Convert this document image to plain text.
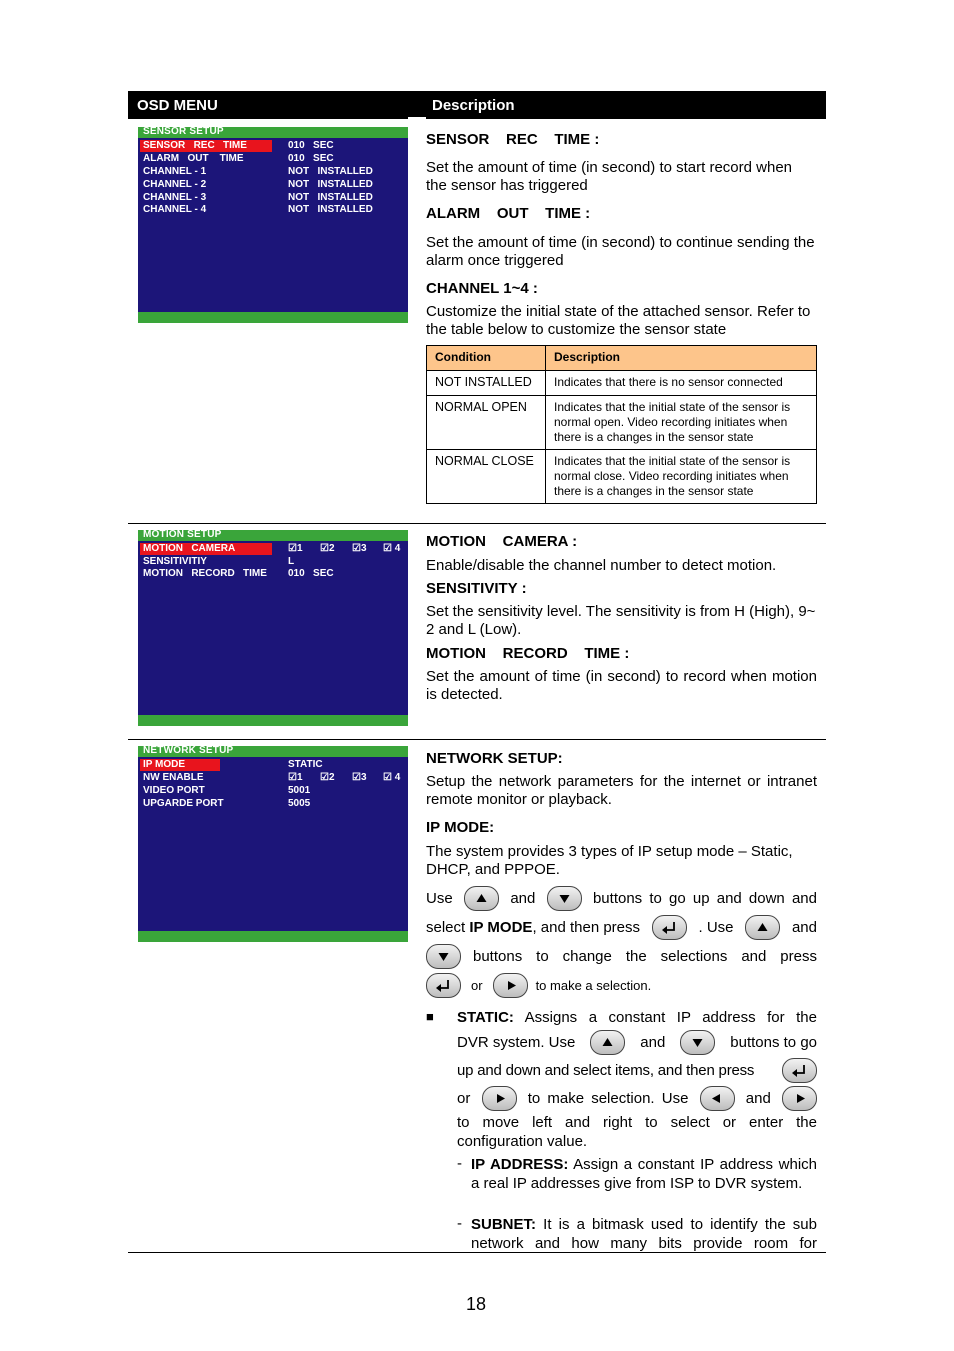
OSD MENU	Description
SENSOR SETUP
SENSOR   REC   TIME	010   SEC
ALARM   OUT    TIME	010   SEC
CHANNEL - 1	NOT   INSTALLED
CHANNEL - 2	NOT   INSTALLED
CHANNEL - 3	NOT   INSTALLED
CHANNEL - 4	NOT   INSTALLED
SENSOR    REC    TIME :
Set the amount of time (in second) to start record when the sensor has triggered
ALARM    OUT    TIME :
Set the amount of time (in second) to continue sending the alarm once triggered
CHANNEL 1~4 :
Customize the initial state of the attached sensor. Refer to the table below to customize the sensor state
Condition	Description
NOT INSTALLED	Indicates that there is no sensor connected
NORMAL OPEN	Indicates that the initial state of the sensor is normal open. Video recording initiates when there is a changes in the sensor state
NORMAL CLOSE	Indicates that the initial state of the sensor is normal close. Video recording initiates when there is a changes in the sensor state
MOTION SETUP
MOTION   CAMERA	☑1 ☑2 ☑3 ☑ 4
SENSITIVITIY	L
MOTION   RECORD   TIME 010   SEC
MOTION    CAMERA :
Enable/disable the channel number to detect motion.
SENSITIVITY :
Set the sensitivity level. The sensitivity is from H (High), 9~ 2 and L (Low).
MOTION    RECORD    TIME :
Set the amount of time (in second) to record when motion is detected.
NETWORK SETUP
IP MODE	STATIC
NW ENABLE	☑1 ☑2 ☑3 ☑ 4
VIDEO PORT	5001
UPGARDE PORT	5005
NETWORK SETUP:
Setup the network parameters for the internet or intranet remote monitor or playback.
IP MODE:
The system provides 3 types of IP setup mode – Static, DHCP, and PPPOE.
Use	and	buttons to go up and down and
select IP MODE, and then press	. Use	and
buttons to change the selections and press
or	to make a selection.
■ STATIC: Assigns a constant IP address for the
DVR system. Use	and	buttons to go
up and down and select items, and then press
or	to make selection. Use	and
to move left and right to select or enter the configuration value.
- IP ADDRESS: Assign a constant IP address which a real IP addresses give from ISP to DVR system.
- SUBNET: It is a bitmask used to identify the sub network and how many bits provide room for
18
